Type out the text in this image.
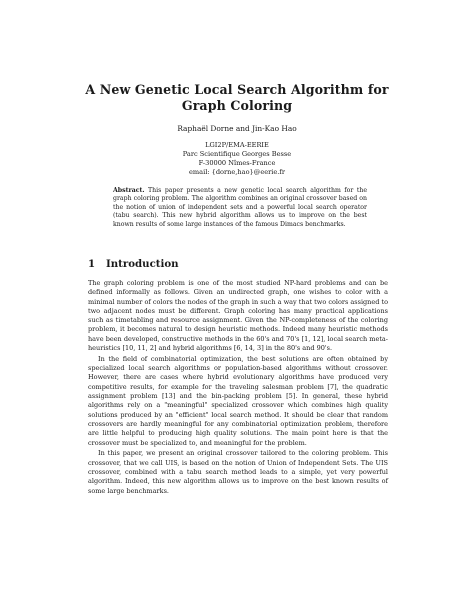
A New Genetic Local Search Algorithm for
Graph Coloring
Raphaël Dorne and Jin-Kao Hao
LGI2P/EMA-EERIE
Parc Scientifique Georges Besse
F-30000 Nîmes-France
email: {dorne,hao}@eerie.fr
Abstract. This paper presents a new genetic local search algorithm for the graph coloring problem. The algorithm combines an original crossover based on the notion of union of independent sets and a powerful local search operator (tabu search). This new hybrid algorithm allows us to improve on the best known results of some large instances of the famous Dimacs benchmarks.
1 Introduction

The graph coloring problem is one of the most studied NP-hard problems and can be defined informally as follows. Given an undirected graph, one wishes to color with a minimal number of colors the nodes of the graph in such a way that two colors assigned to two adjacent nodes must be different. Graph coloring has many practical applications such as timetabling and resource assignment. Given the NP-completeness of the coloring problem, it becomes natural to design heuristic methods. Indeed many heuristic methods have been developed, constructive methods in the 60's and 70's [1, 12], local search meta-heuristics [10, 11, 2] and hybrid algorithms [6, 14, 3] in the 80's and 90's.

In the field of combinatorial optimization, the best solutions are often obtained by specialized local search algorithms or population-based algorithms without crossover. However, there are cases where hybrid evolutionary algorithms have produced very competitive results, for example for the traveling salesman problem [7], the quadratic assignment problem [13] and the bin-packing problem [5]. In general, these hybrid algorithms rely on a "meaningful" specialized crossover which combines high quality solutions produced by an "efficient" local search method. It should be clear that random crossovers are hardly meaningful for any combinatorial optimization problem, therefore are little helpful to producing high quality solutions. The main point here is that the crossover must be specialized to, and meaningful for the problem.

In this paper, we present an original crossover tailored to the coloring problem. This crossover, that we call UIS, is based on the notion of Union of Independent Sets. The UIS crossover, combined with a tabu search method leads to a simple, yet very powerful algorithm. Indeed, this new algorithm allows us to improve on the best known results of some large benchmarks.
